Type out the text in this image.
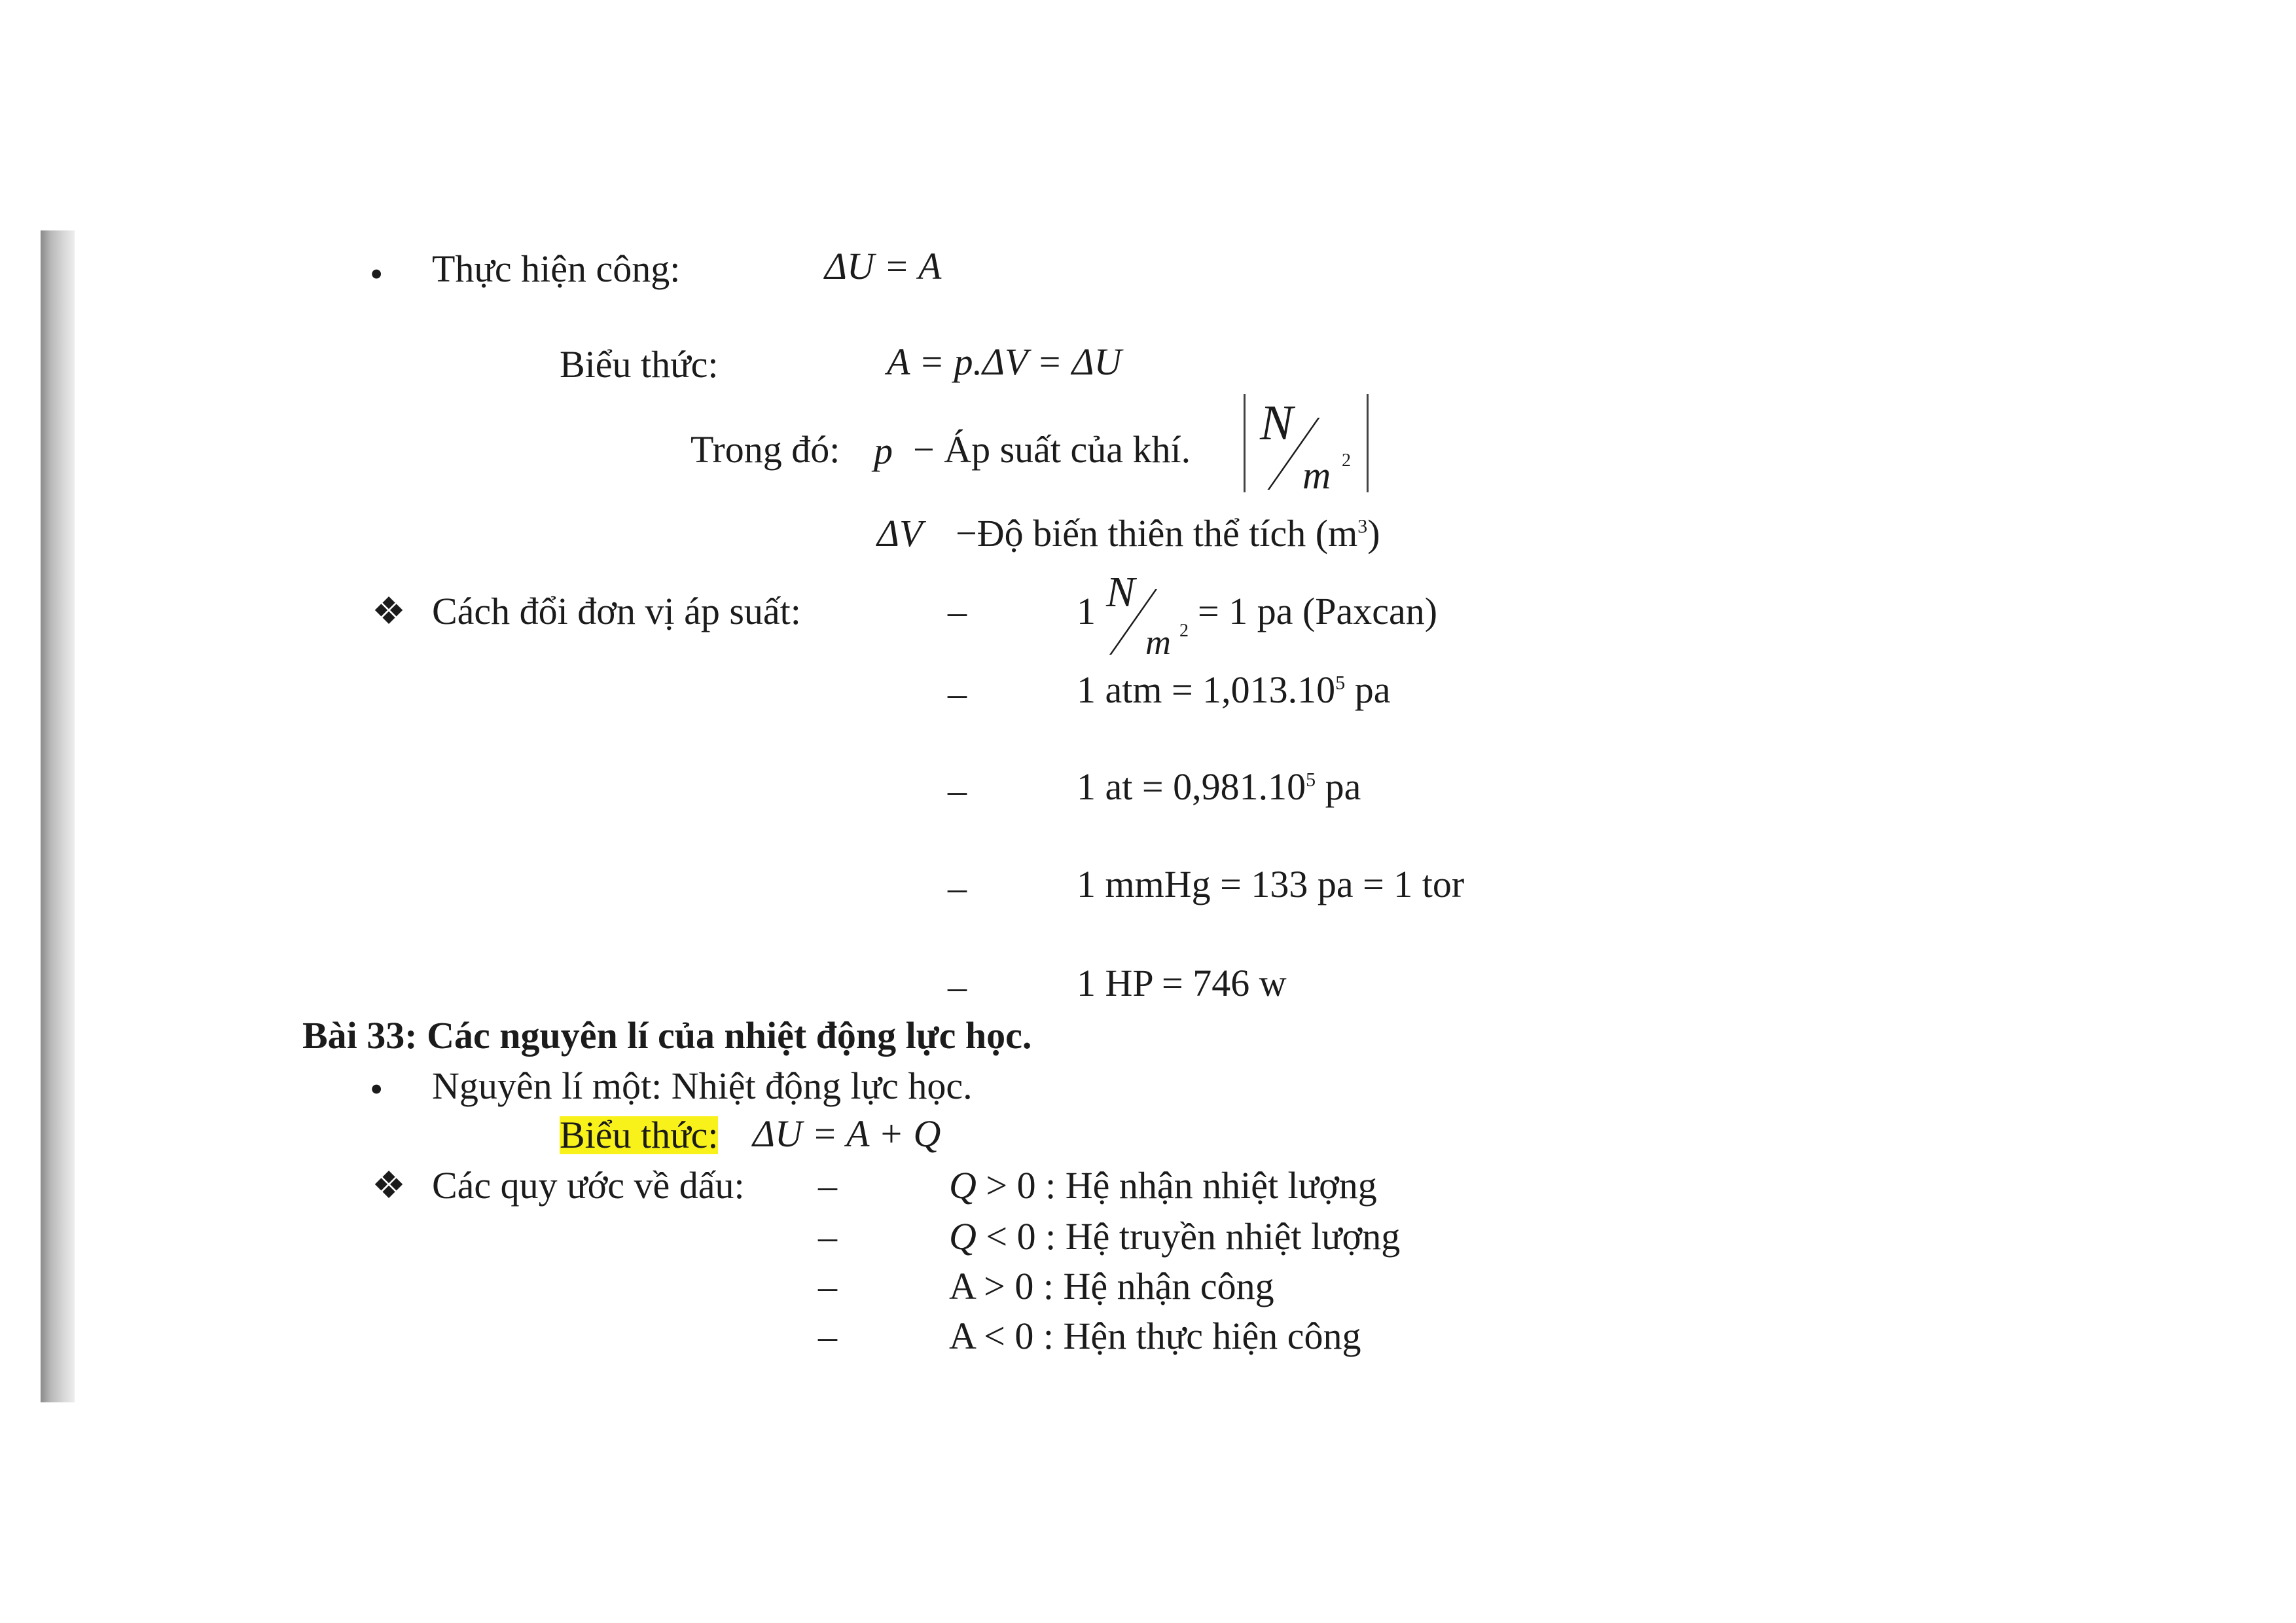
• Thực hiện công:	ΔU = A
Biểu thức:	A = p.ΔV = ΔU
Trong đó: p − Áp suất của khí. N
m 2
ΔV −Độ biến thiên thể tích $(m^3)$
❖ Cách đổi đơn vị áp suất:	–	1 N
m 2 = 1 pa (Paxcan)
–	1 atm = $1,013.10^5$ pa
–	1 at = $0,981.10^5$ pa
–	1 mmHg = 133 pa = 1 tor
–	1 HP = 746 w
Bài 33: Các nguyên lí của nhiệt động lực học.
• Nguyên lí một: Nhiệt động lực học.
Biểu thức: ΔU = A + Q
❖ Các quy ước về dấu: –	Q > 0 : Hệ nhận nhiệt lượng
–	Q < 0 : Hệ truyền nhiệt lượng
–	A > 0 : Hệ nhận công
–	A < 0 : Hện thực hiện công
